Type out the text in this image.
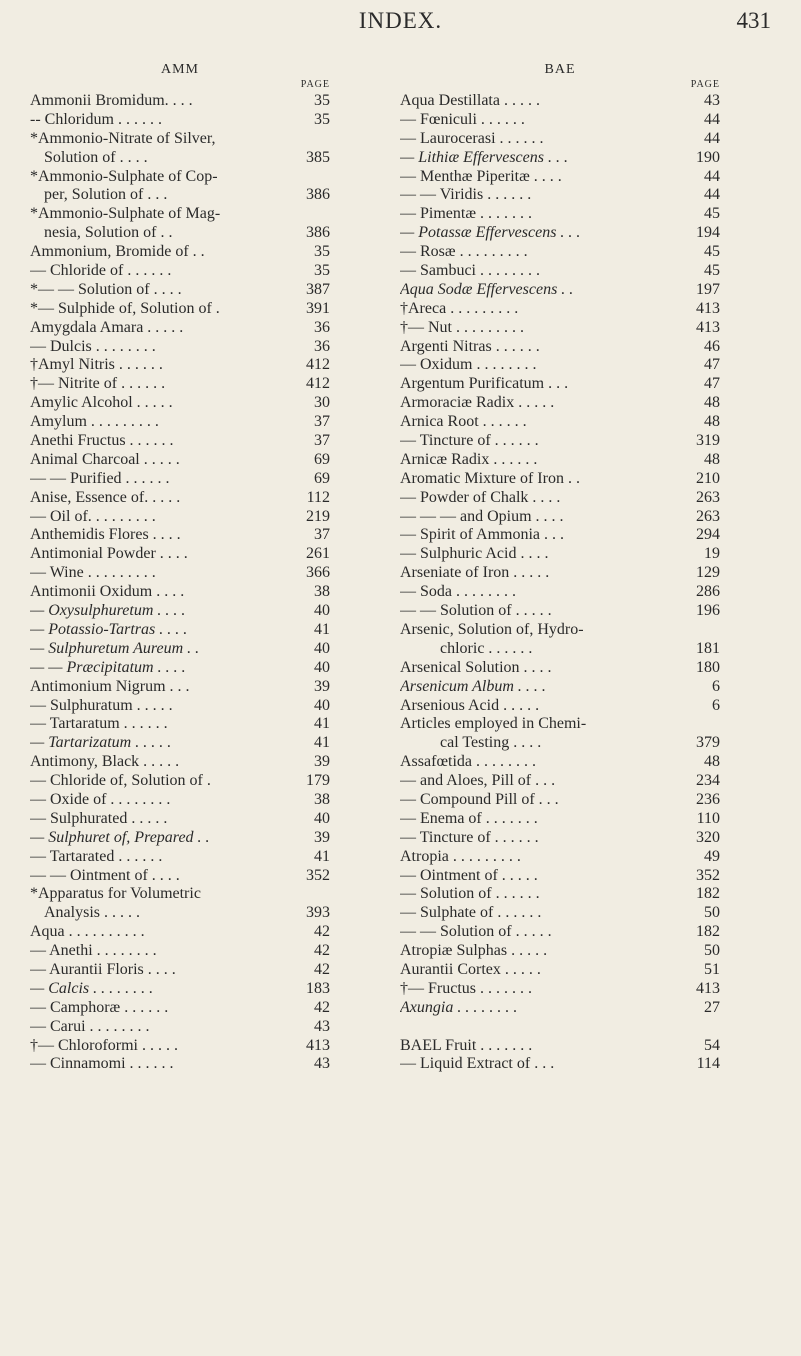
INDEX.	431
AMM
PAGE
Ammonii Bromidum. . . .	35
-- Chloridum . . . . . .	35
*Ammonio-Nitrate of Silver,
Solution of . . . .	385
*Ammonio-Sulphate of Cop-
per, Solution of . . .	386
*Ammonio-Sulphate of Mag-
nesia, Solution of . .	386
Ammonium, Bromide of . .	35
— Chloride of . . . . . .	35
*— — Solution of . . . .	387
*— Sulphide of, Solution of .	391
Amygdala Amara . . . . .	36
— Dulcis . . . . . . . .	36
†Amyl Nitris . . . . . .	412
†— Nitrite of . . . . . .	412
Amylic Alcohol . . . . .	30
Amylum . . . . . . . . .	37
Anethi Fructus . . . . . .	37
Animal Charcoal . . . . .	69
— — Purified . . . . . .	69
Anise, Essence of. . . . .	112
— Oil of. . . . . . . . .	219
Anthemidis Flores . . . .	37
Antimonial Powder . . . .	261
— Wine . . . . . . . . .	366
Antimonii Oxidum . . . .	38
— Oxysulphuretum . . . .	40
— Potassio-Tartras . . . .	41
— Sulphuretum Aureum . .	40
— — Præcipitatum . . . .	40
Antimonium Nigrum . . .	39
— Sulphuratum . . . . .	40
— Tartaratum . . . . . .	41
— Tartarizatum . . . . .	41
Antimony, Black . . . . .	39
— Chloride of, Solution of .	179
— Oxide of . . . . . . . .	38
— Sulphurated . . . . .	40
— Sulphuret of, Prepared . .	39
— Tartarated . . . . . .	41
— — Ointment of . . . .	352
*Apparatus for Volumetric
Analysis . . . . .	393
Aqua . . . . . . . . . .	42
— Anethi . . . . . . . .	42
— Aurantii Floris . . . .	42
— Calcis . . . . . . . .	183
— Camphoræ . . . . . .	42
— Carui . . . . . . . .	43
†— Chloroformi . . . . .	413
— Cinnamomi . . . . . .	43
BAE
PAGE
Aqua Destillata . . . . .	43
— Fœniculi . . . . . .	44
— Laurocerasi . . . . . .	44
— Lithiæ Effervescens . . .	190
— Menthæ Piperitæ . . . .	44
— — Viridis . . . . . .	44
— Pimentæ . . . . . . .	45
— Potassæ Effervescens . . .	194
— Rosæ . . . . . . . . .	45
— Sambuci . . . . . . . .	45
Aqua Sodæ Effervescens . .	197
†Areca . . . . . . . . .	413
†— Nut . . . . . . . . .	413
Argenti Nitras . . . . . .	46
— Oxidum . . . . . . . .	47
Argentum Purificatum . . .	47
Armoraciæ Radix . . . . .	48
Arnica Root . . . . . .	48
— Tincture of . . . . . .	319
Arnicæ Radix . . . . . .	48
Aromatic Mixture of Iron . .	210
— Powder of Chalk . . . .	263
— — — and Opium . . . .	263
— Spirit of Ammonia . . .	294
— Sulphuric Acid . . . .	19
Arseniate of Iron . . . . .	129
— Soda . . . . . . . .	286
— — Solution of . . . . .	196
Arsenic, Solution of, Hydro-
chloric . . . . . .	181
Arsenical Solution . . . .	180
Arsenicum Album . . . .	6
Arsenious Acid . . . . .	6
Articles employed in Chemi-
cal Testing . . . .	379
Assafœtida . . . . . . . .	48
— and Aloes, Pill of . . .	234
— Compound Pill of . . .	236
— Enema of . . . . . . .	110
— Tincture of . . . . . .	320
Atropia . . . . . . . . .	49
— Ointment of . . . . .	352
— Solution of . . . . . .	182
— Sulphate of . . . . . .	50
— — Solution of . . . . .	182
Atropiæ Sulphas . . . . .	50
Aurantii Cortex . . . . .	51
†— Fructus . . . . . . .	413
Axungia . . . . . . . .	27
BAEL Fruit . . . . . . .	54
— Liquid Extract of . . .	114
